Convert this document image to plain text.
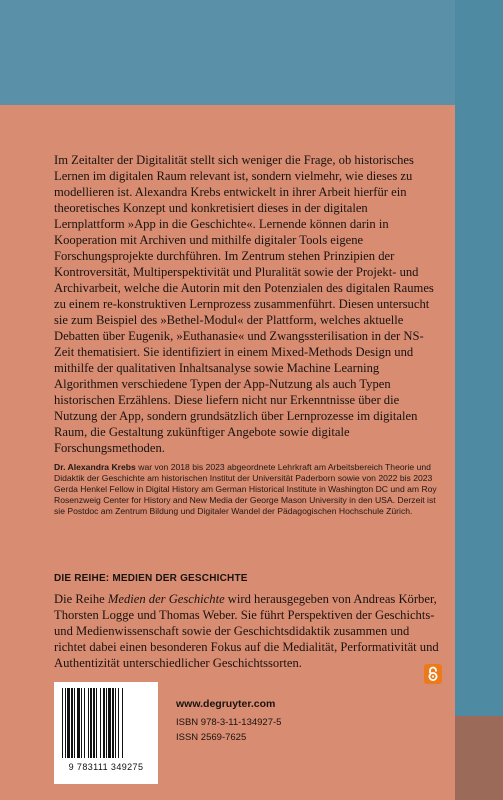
Im Zeitalter der Digitalität stellt sich weniger die Frage, ob historisches Lernen im digitalen Raum relevant ist, sondern vielmehr, wie dieses zu modellieren ist. Alexandra Krebs entwickelt in ihrer Arbeit hierfür ein theoretisches Konzept und konkretisiert dieses in der digitalen Lernplattform »App in die Geschichte«. Lernende können darin in Kooperation mit Archiven und mithilfe digitaler Tools eigene Forschungsprojekte durchführen. Im Zentrum stehen Prinzipien der Kontroversität, Multiperspektivität und Pluralität sowie der Projekt- und Archivarbeit, welche die Autorin mit den Potenzialen des digitalen Raumes zu einem re-konstruktiven Lernprozess zusammenführt. Diesen untersucht sie zum Beispiel des »Bethel-Modul« der Plattform, welches aktuelle Debatten über Eugenik, »Euthanasie« und Zwangssterilisation in der NS-Zeit thematisiert. Sie identifiziert in einem Mixed-Methods Design und mithilfe der qualitativen Inhaltsanalyse sowie Machine Learning Algorithmen verschiedene Typen der App-Nutzung als auch Typen historischen Erzählens. Diese liefern nicht nur Erkenntnisse über die Nutzung der App, sondern grundsätzlich über Lernprozesse im digitalen Raum, die Gestaltung zukünftiger Angebote sowie digitale Forschungsmethoden.

Dr. Alexandra Krebs war von 2018 bis 2023 abgeordnete Lehrkraft am Arbeitsbereich Theorie und Didaktik der Geschichte am historischen Institut der Universität Paderborn sowie von 2022 bis 2023 Gerda Henkel Fellow in Digital History am German Historical Institute in Washington DC und am Roy Rosenzweig Center for History and New Media der George Mason University in den USA. Derzeit ist sie Postdoc am Zentrum Bildung und Digitaler Wandel der Pädagogischen Hochschule Zürich.

DIE REIHE: MEDIEN DER GESCHICHTE

Die Reihe Medien der Geschichte wird herausgegeben von Andreas Körber, Thorsten Logge und Thomas Weber. Sie führt Perspektiven der Geschichts- und Medienwissenschaft sowie der Geschichtsdidaktik zusammen und richtet dabei einen besonderen Fokus auf die Medialität, Performativität und Authentizität unterschiedlicher Geschichtssorten.

9 783111 349275
www.degruyter.com
ISBN 978-3-11-134927-5
ISSN 2569-7625
